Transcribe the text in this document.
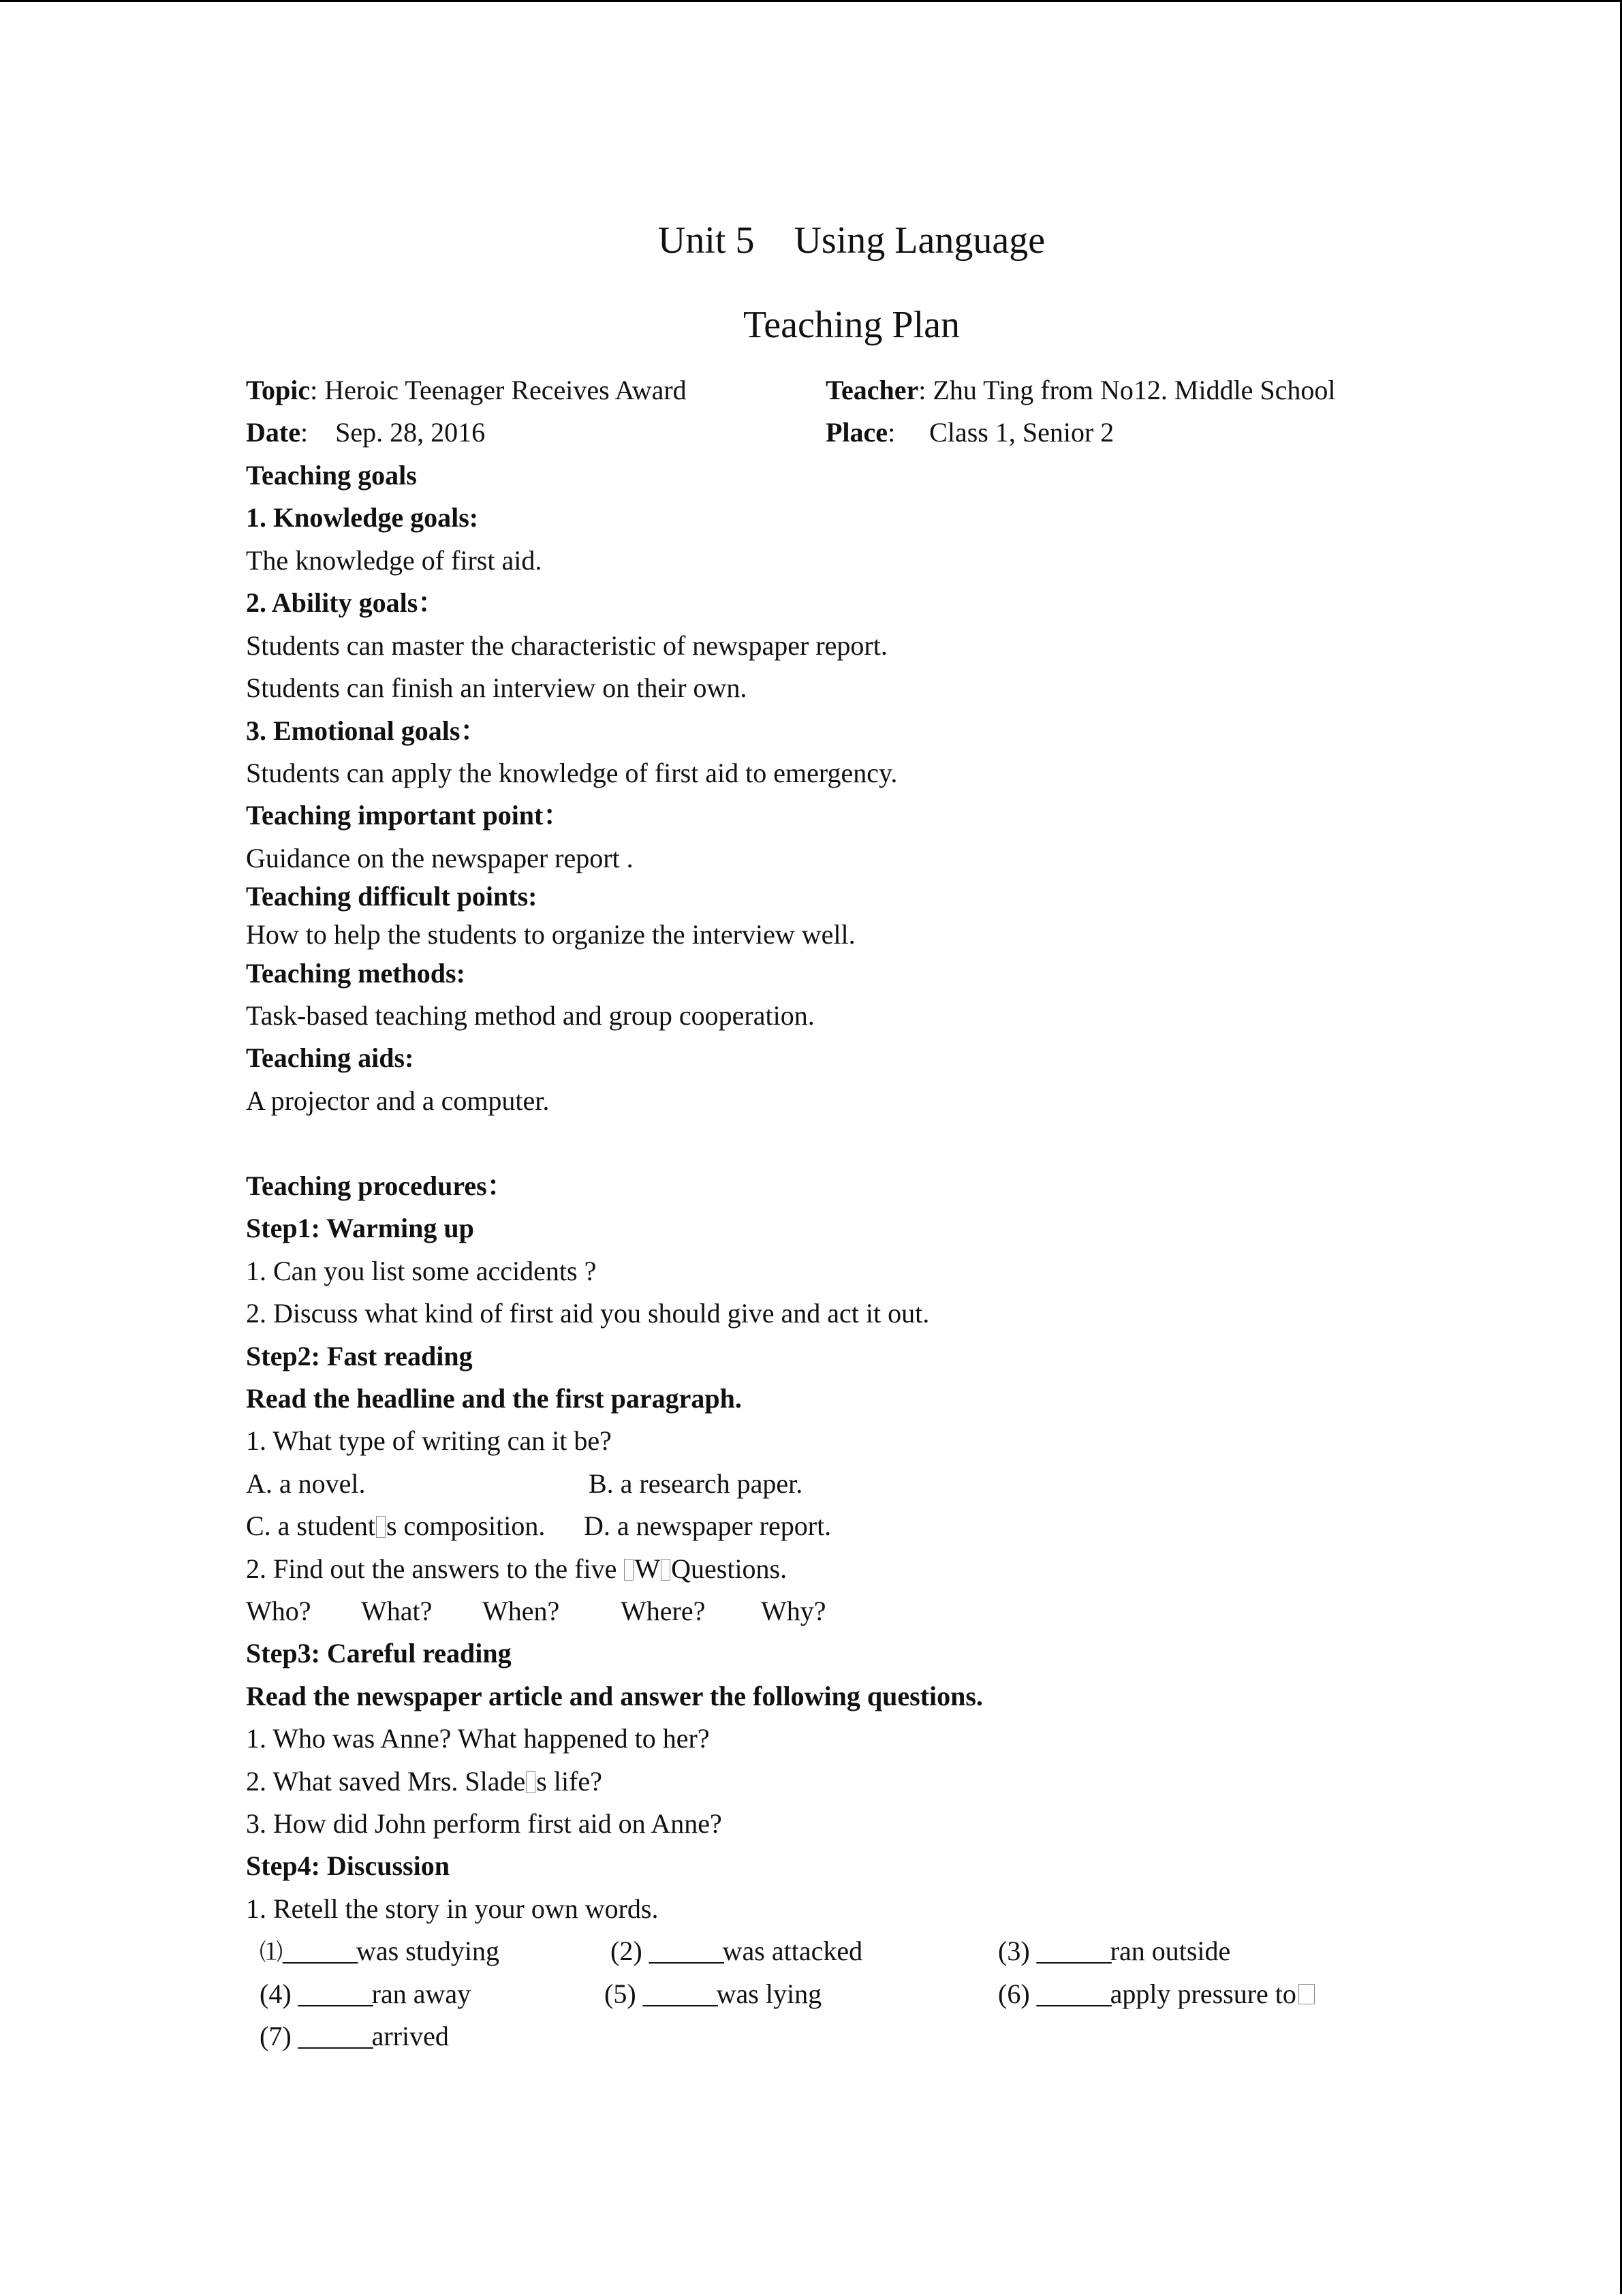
Unit 5 Using Language
Teaching Plan
Topic: Heroic Teenager Receives Award	Teacher: Zhu Ting from No12. Middle School
Date:    Sep. 28, 2016	Place:     Class 1, Senior 2
Teaching goals
1. Knowledge goals:
The knowledge of first aid.
2. Ability goals：
Students can master the characteristic of newspaper report.
Students can finish an interview on their own.
3. Emotional goals：
Students can apply the knowledge of first aid to emergency.
Teaching important point：
Guidance on the newspaper report .
Teaching difficult points:
How to help the students to organize the interview well.
Teaching methods:
Task-based teaching method and group cooperation.
Teaching aids:
A projector and a computer.
Teaching procedures：
Step1: Warming up
1. Can you list some accidents ?
2. Discuss what kind of first aid you should give and act it out.
Step2: Fast reading
Read the headline and the first paragraph.
1. What type of writing can it be?
A. a novel.	B. a research paper.
C. a student s composition. D. a newspaper report.
2. Find out the answers to the five W Questions.
Who? What? When? Where? Why?
Step3: Careful reading
Read the newspaper article and answer the following questions.
1. Who was Anne? What happened to her?
2. What saved Mrs. Slade s life?
3. How did John perform first aid on Anne?
Step4: Discussion
1. Retell the story in your own words.
⑴______was studying	(2) ______was attacked	(3) ______ran outside
(4) ______ran away	(5) ______was lying	(6) ______apply pressure to
(7) ______arrived
